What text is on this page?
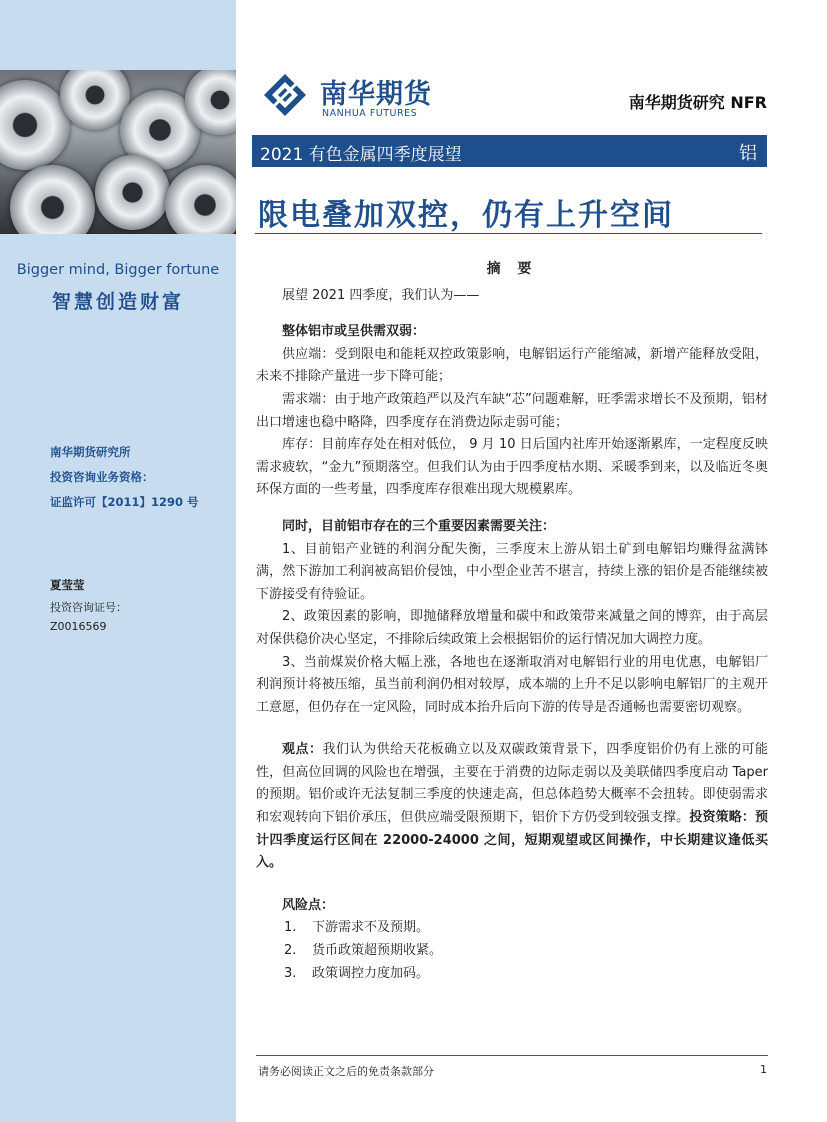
Bigger mind, Bigger fortune
智慧创造财富
南华期货研究所
投资咨询业务资格：
证监许可【2011】1290 号
夏莹莹
投资咨询证号：
Z0016569
南华期货
NANHUA FUTURES
南华期货研究 NFR
2021 有色金属四季度展望	铝
限电叠加双控，仍有上升空间

摘 要

展望 2021 四季度，我们认为——

整体铝市或呈供需双弱：

供应端：受到限电和能耗双控政策影响，电解铝运行产能缩减，新增产能释放受阻，未来不排除产量进一步下降可能；

需求端：由于地产政策趋严以及汽车缺“芯”问题难解，旺季需求增长不及预期，铝材出口增速也稳中略降，四季度存在消费边际走弱可能；

库存：目前库存处在相对低位， 9 月 10 日后国内社库开始逐渐累库，一定程度反映需求疲软，“金九”预期落空。但我们认为由于四季度枯水期、采暖季到来，以及临近冬奥环保方面的一些考量，四季度库存很难出现大规模累库。

同时，目前铝市存在的三个重要因素需要关注：

1、目前铝产业链的利润分配失衡，三季度末上游从铝土矿到电解铝均赚得盆满钵满，然下游加工利润被高铝价侵蚀，中小型企业苦不堪言，持续上涨的铝价是否能继续被下游接受有待验证。

2、政策因素的影响，即抛储释放增量和碳中和政策带来减量之间的博弈，由于高层对保供稳价决心坚定，不排除后续政策上会根据铝价的运行情况加大调控力度。

3、当前煤炭价格大幅上涨，各地也在逐渐取消对电解铝行业的用电优惠，电解铝厂利润预计将被压缩，虽当前利润仍相对较厚，成本端的上升不足以影响电解铝厂的主观开工意愿，但仍存在一定风险，同时成本抬升后向下游的传导是否通畅也需要密切观察。

观点：我们认为供给天花板确立以及双碳政策背景下，四季度铝价仍有上涨的可能性，但高位回调的风险也在增强，主要在于消费的边际走弱以及美联储四季度启动 Taper 的预期。铝价或许无法复制三季度的快速走高，但总体趋势大概率不会扭转。即使弱需求和宏观转向下铝价承压，但供应端受限预期下，铝价下方仍受到较强支撑。投资策略：预计四季度运行区间在 22000-24000 之间，短期观望或区间操作，中长期建议逢低买入。

风险点：

1. 下游需求不及预期。

2. 货币政策超预期收紧。

3. 政策调控力度加码。

请务必阅读正文之后的免责条款部分	1
